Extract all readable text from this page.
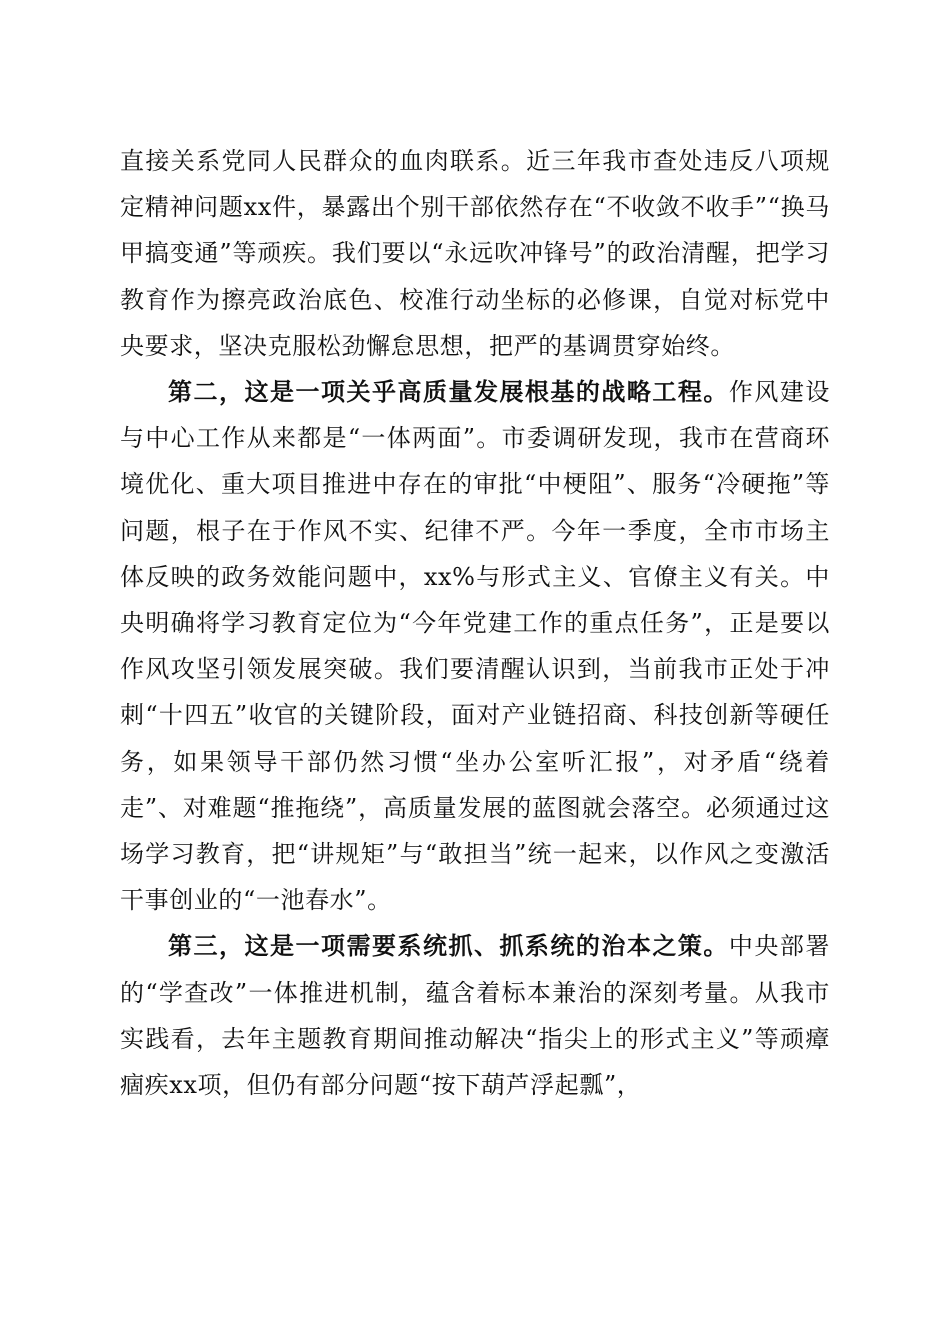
直接关系党同人民群众的血肉联系。近三年我市查处违反八项规定精神问题xx件，暴露出个别干部依然存在“不收敛不收手”“换马甲搞变通”等顽疾。我们要以“永远吹冲锋号”的政治清醒，把学习教育作为擦亮政治底色、校准行动坐标的必修课，自觉对标党中央要求，坚决克服松劲懈怠思想，把严的基调贯穿始终。

第二，这是一项关乎高质量发展根基的战略工程。作风建设与中心工作从来都是“一体两面”。市委调研发现，我市在营商环境优化、重大项目推进中存在的审批“中梗阻”、服务“冷硬拖”等问题，根子在于作风不实、纪律不严。今年一季度，全市市场主体反映的政务效能问题中，xx%与形式主义、官僚主义有关。中央明确将学习教育定位为“今年党建工作的重点任务”，正是要以作风攻坚引领发展突破。我们要清醒认识到，当前我市正处于冲刺“十四五”收官的关键阶段，面对产业链招商、科技创新等硬任务，如果领导干部仍然习惯“坐办公室听汇报”，对矛盾“绕着走”、对难题“推拖绕”，高质量发展的蓝图就会落空。必须通过这场学习教育，把“讲规矩”与“敢担当”统一起来，以作风之变激活干事创业的“一池春水”。

第三，这是一项需要系统抓、抓系统的治本之策。中央部署的“学查改”一体推进机制，蕴含着标本兼治的深刻考量。从我市实践看，去年主题教育期间推动解决“指尖上的形式主义”等顽瘴痼疾xx项，但仍有部分问题“按下葫芦浮起瓢”，
